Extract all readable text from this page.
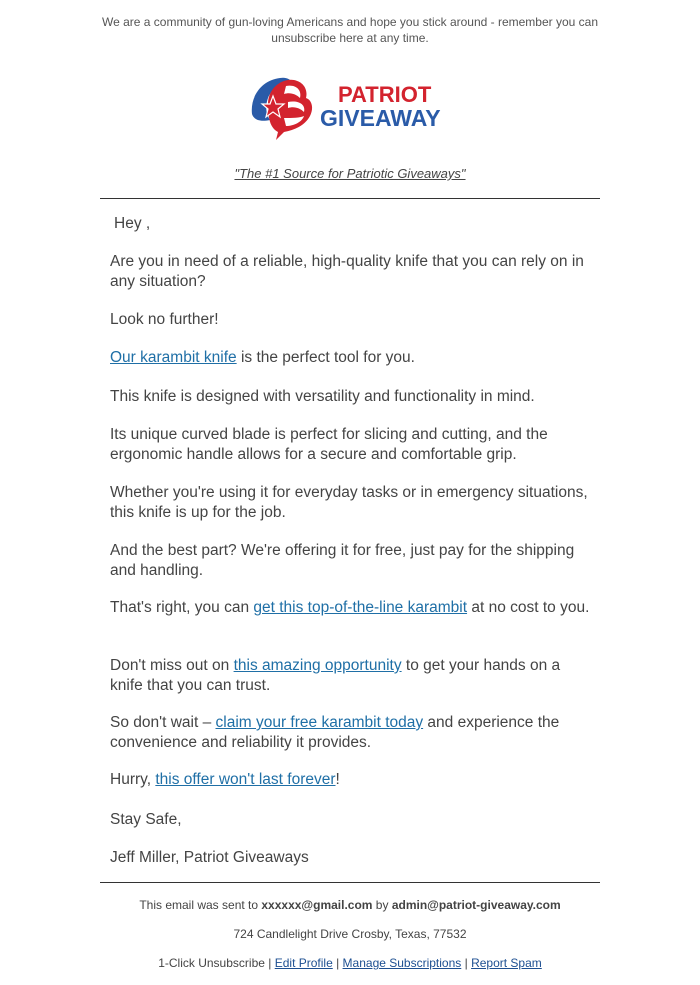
We are a community of gun-loving Americans and hope you stick around - remember you can unsubscribe here at any time.
PATRIOT
GIVEAWAY
"The #1 Source for Patriotic Giveaways"

Hey ,

Are you in need of a reliable, high-quality knife that you can rely on in any situation?

Look no further!

Our karambit knife is the perfect tool for you.

This knife is designed with versatility and functionality in mind.

Its unique curved blade is perfect for slicing and cutting, and the ergonomic handle allows for a secure and comfortable grip.

Whether you're using it for everyday tasks or in emergency situations, this knife is up for the job.

And the best part? We're offering it for free, just pay for the shipping and handling.

That's right, you can get this top-of-the-line karambit at no cost to you.

Don't miss out on this amazing opportunity to get your hands on a knife that you can trust.

So don't wait – claim your free karambit today and experience the convenience and reliability it provides.

Hurry, this offer won't last forever!

Stay Safe,

Jeff Miller, Patriot Giveaways

This email was sent to xxxxxx@gmail.com by admin@patriot-giveaway.com
724 Candlelight Drive Crosby, Texas, 77532
1-Click Unsubscribe | Edit Profile | Manage Subscriptions | Report Spam
